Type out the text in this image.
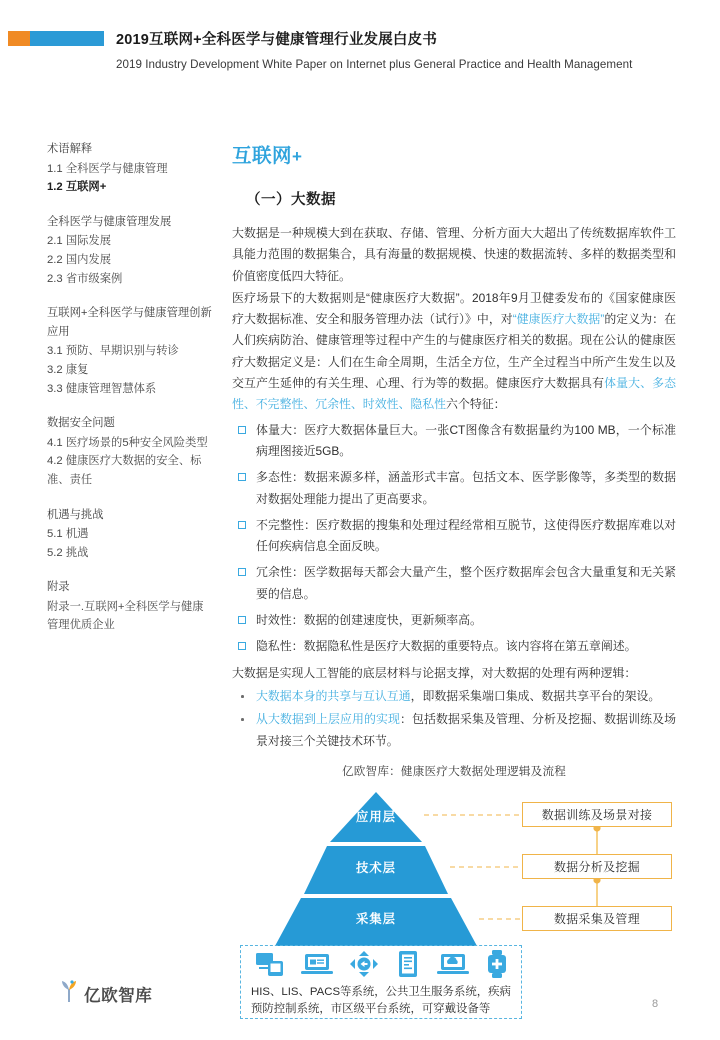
2019互联网+全科医学与健康管理行业发展白皮书
2019 Industry Development White Paper on Internet plus General Practice and Health Management
术语解释
1.1 全科医学与健康管理
1.2 互联网+
全科医学与健康管理发展
2.1 国际发展
2.2 国内发展
2.3 省市级案例
互联网+全科医学与健康管理创新应用
3.1 预防、早期识别与转诊
3.2 康复
3.3 健康管理智慧体系
数据安全问题
4.1 医疗场景的5种安全风险类型
4.2 健康医疗大数据的安全、标准、责任
机遇与挑战
5.1 机遇
5.2 挑战
附录
附录一.互联网+全科医学与健康管理优质企业
互联网+
（一）大数据

大数据是一种规模大到在获取、存储、管理、分析方面大大超出了传统数据库软件工具能力范围的数据集合，具有海量的数据规模、快速的数据流转、多样的数据类型和价值密度低四大特征。

医疗场景下的大数据则是“健康医疗大数据”。2018年9月卫健委发布的《国家健康医疗大数据标准、安全和服务管理办法（试行）》中，对“健康医疗大数据”的定义为：在人们疾病防治、健康管理等过程中产生的与健康医疗相关的数据。现在公认的健康医疗大数据定义是：人们在生命全周期，生活全方位，生产全过程当中所产生发生以及交互产生延伸的有关生理、心理、行为等的数据。健康医疗大数据具有体量大、多态性、不完整性、冗余性、时效性、隐私性六个特征：

体量大：医疗大数据体量巨大。一张CT图像含有数据量约为100 MB，一个标准病理图接近5GB。
多态性：数据来源多样，涵盖形式丰富。包括文本、医学影像等，多类型的数据对数据处理能力提出了更高要求。
不完整性：医疗数据的搜集和处理过程经常相互脱节，这使得医疗数据库难以对任何疾病信息全面反映。
冗余性：医学数据每天都会大量产生，整个医疗数据库会包含大量重复和无关紧要的信息。
时效性：数据的创建速度快，更新频率高。
隐私性：数据隐私性是医疗大数据的重要特点。该内容将在第五章阐述。

大数据是实现人工智能的底层材料与论据支撑，对大数据的处理有两种逻辑：

大数据本身的共享与互认互通，即数据采集端口集成、数据共享平台的架设。
从大数据到上层应用的实现：包括数据采集及管理、分析及挖掘、数据训练及场景对接三个关键技术环节。
亿欧智库：健康医疗大数据处理逻辑及流程
应用层
技术层
采集层
数据训练及场景对接
数据分析及挖掘
数据采集及管理
HIS、LIS、PACS等系统，公共卫生服务系统，疾病预防控制系统，市区级平台系统，可穿戴设备等
亿欧智库	8
